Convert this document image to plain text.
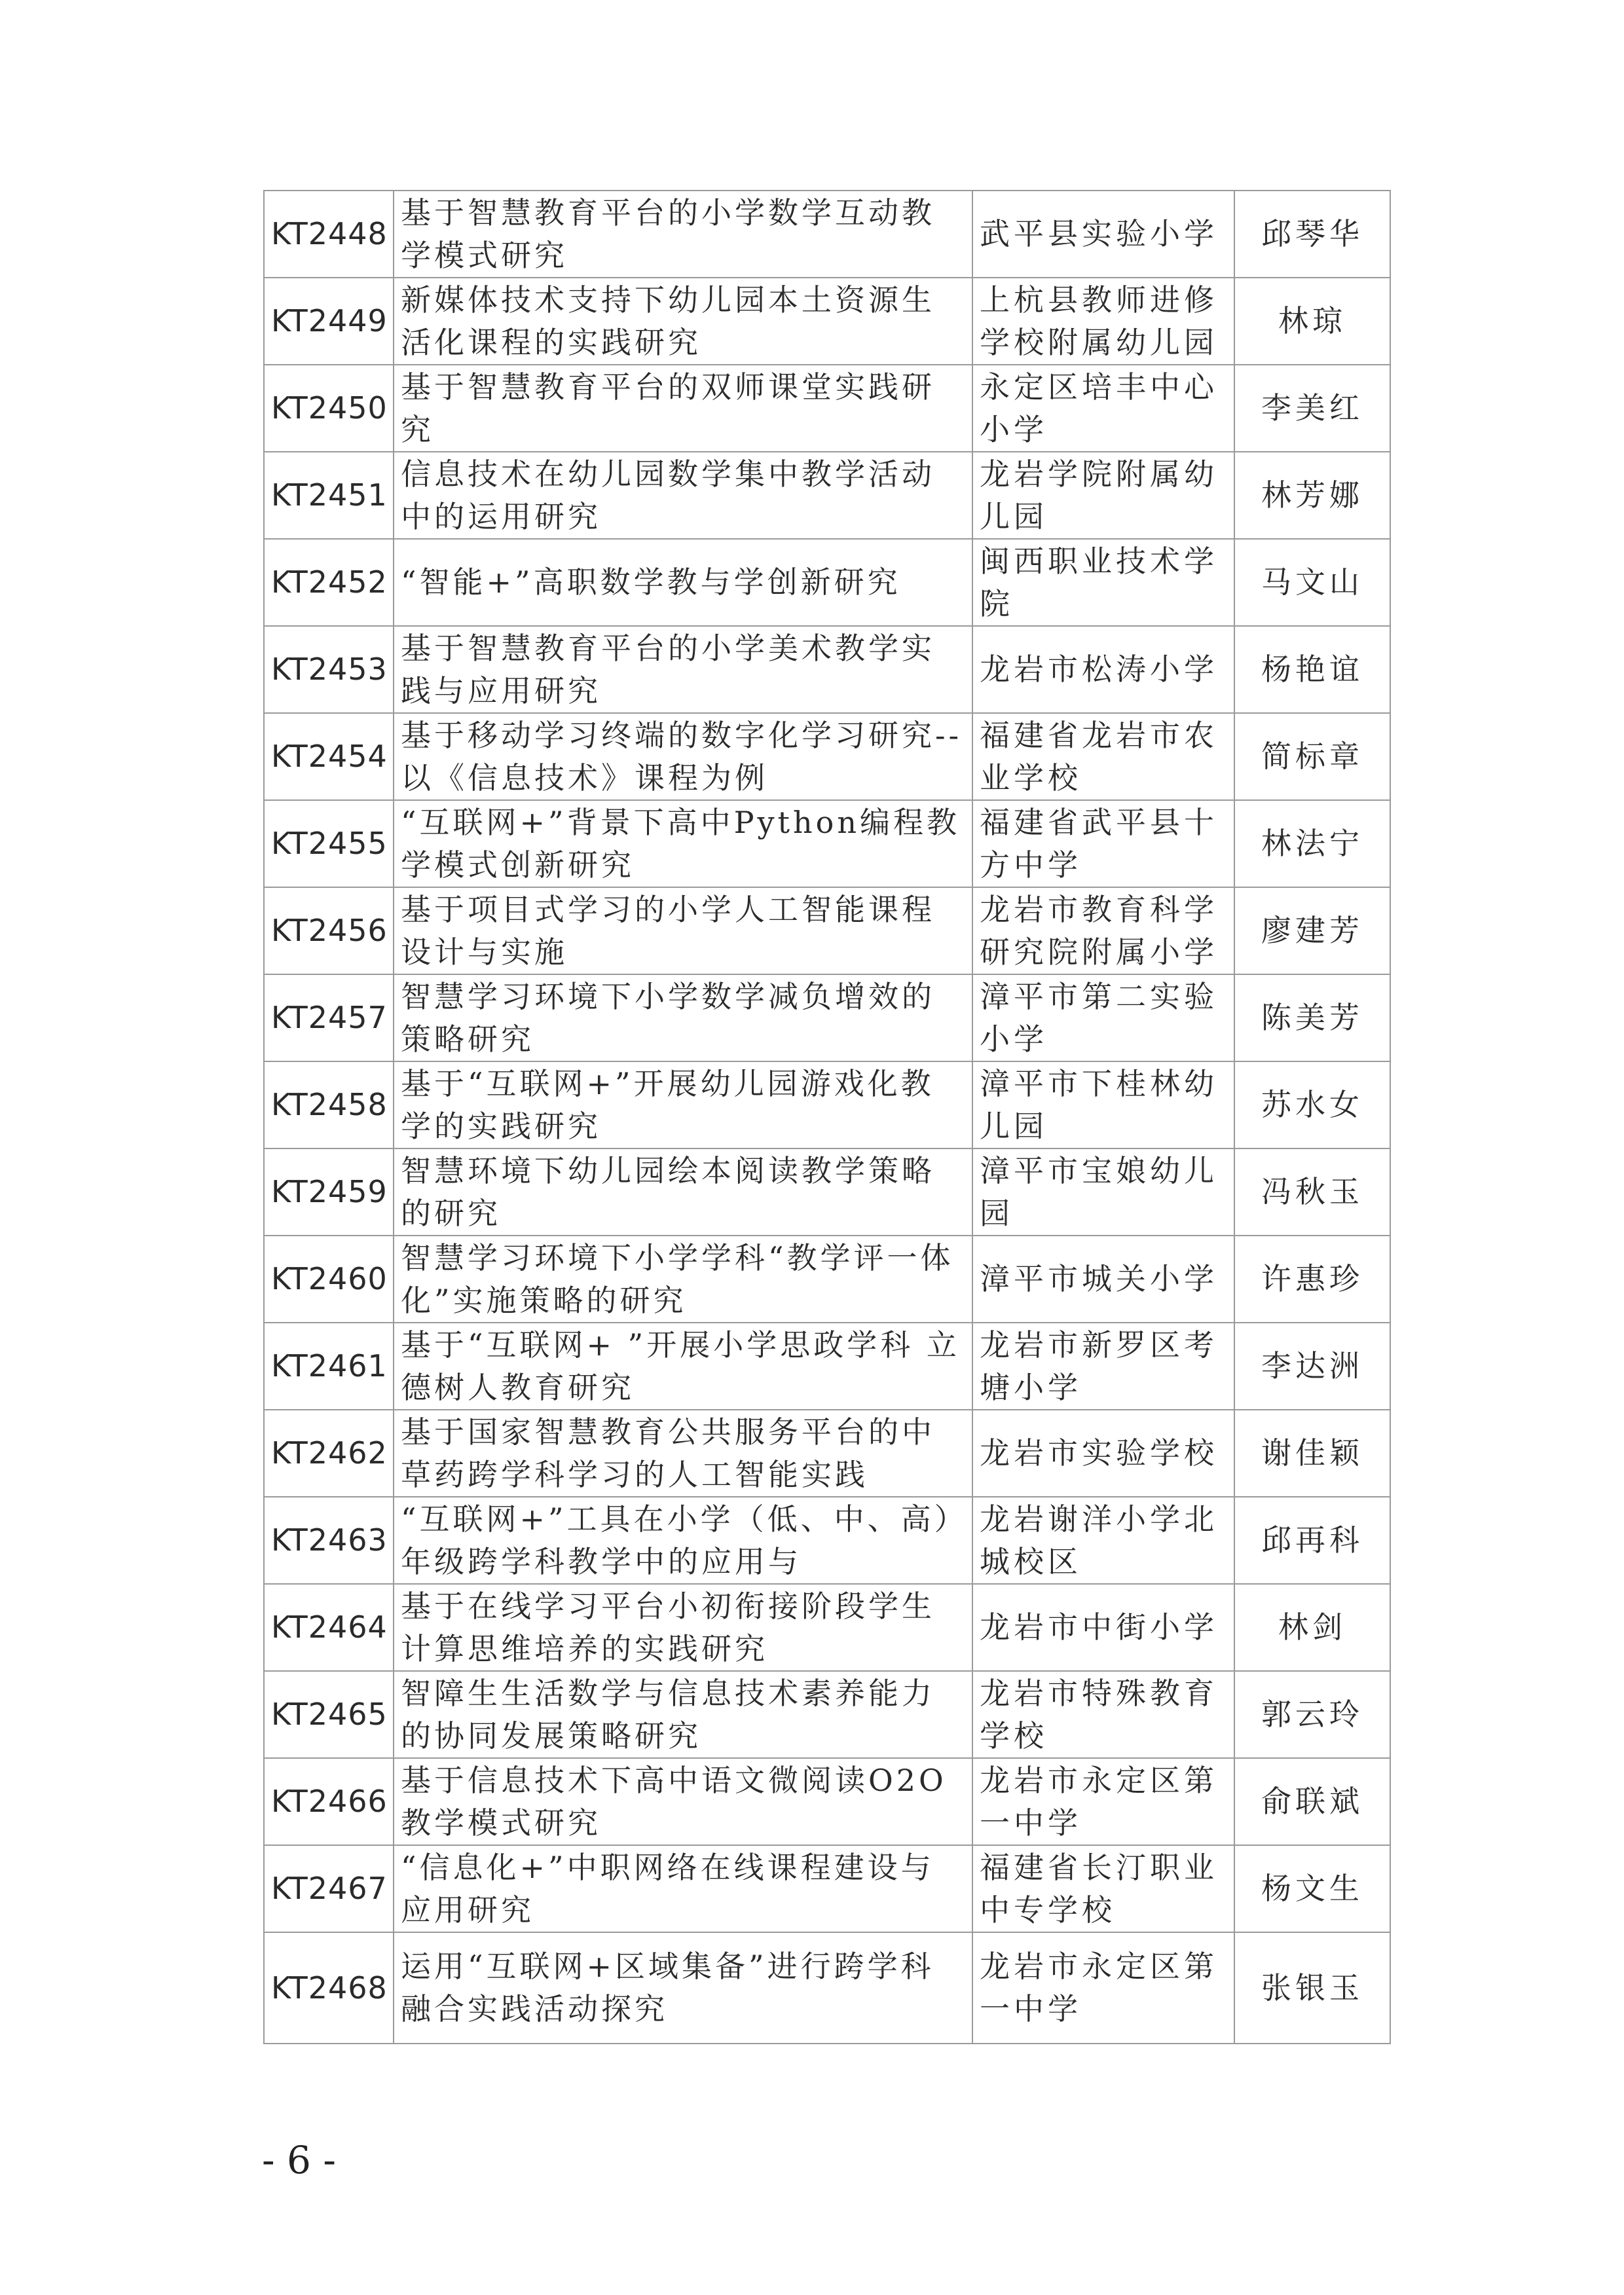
KT2448	基于智慧教育平台的小学数学互动教学模式研究	武平县实验小学	邱琴华
KT2449	新媒体技术支持下幼儿园本土资源生活化课程的实践研究	上杭县教师进修学校附属幼儿园	林琼
KT2450	基于智慧教育平台的双师课堂实践研究	永定区培丰中心小学	李美红
KT2451	信息技术在幼儿园数学集中教学活动中的运用研究	龙岩学院附属幼儿园	林芳娜
KT2452	“智能+”高职数学教与学创新研究	闽西职业技术学院	马文山
KT2453	基于智慧教育平台的小学美术教学实践与应用研究	龙岩市松涛小学	杨艳谊
KT2454	基于移动学习终端的数字化学习研究--以《信息技术》课程为例	福建省龙岩市农业学校	简标章
KT2455	“互联网+”背景下高中Python编程教学模式创新研究	福建省武平县十方中学	林法宁
KT2456	基于项目式学习的小学人工智能课程设计与实施	龙岩市教育科学研究院附属小学	廖建芳
KT2457	智慧学习环境下小学数学减负增效的策略研究	漳平市第二实验小学	陈美芳
KT2458	基于“互联网+”开展幼儿园游戏化教学的实践研究	漳平市下桂林幼儿园	苏水女
KT2459	智慧环境下幼儿园绘本阅读教学策略的研究	漳平市宝娘幼儿园	冯秋玉
KT2460	智慧学习环境下小学学科“教学评一体化”实施策略的研究	漳平市城关小学	许惠珍
KT2461	基于“互联网+ ”开展小学思政学科 立德树人教育研究	龙岩市新罗区考塘小学	李达洲
KT2462	基于国家智慧教育公共服务平台的中草药跨学科学习的人工智能实践	龙岩市实验学校	谢佳颖
KT2463	“互联网+”工具在小学（低、中、高）年级跨学科教学中的应用与	龙岩谢洋小学北城校区	邱再科
KT2464	基于在线学习平台小初衔接阶段学生计算思维培养的实践研究	龙岩市中街小学	林剑
KT2465	智障生生活数学与信息技术素养能力的协同发展策略研究	龙岩市特殊教育学校	郭云玲
KT2466	基于信息技术下高中语文微阅读O2O教学模式研究	龙岩市永定区第一中学	俞联斌
KT2467	“信息化+”中职网络在线课程建设与应用研究	福建省长汀职业中专学校	杨文生
KT2468	运用“互联网+区域集备”进行跨学科融合实践活动探究	龙岩市永定区第一中学	张银玉
- 6 -
